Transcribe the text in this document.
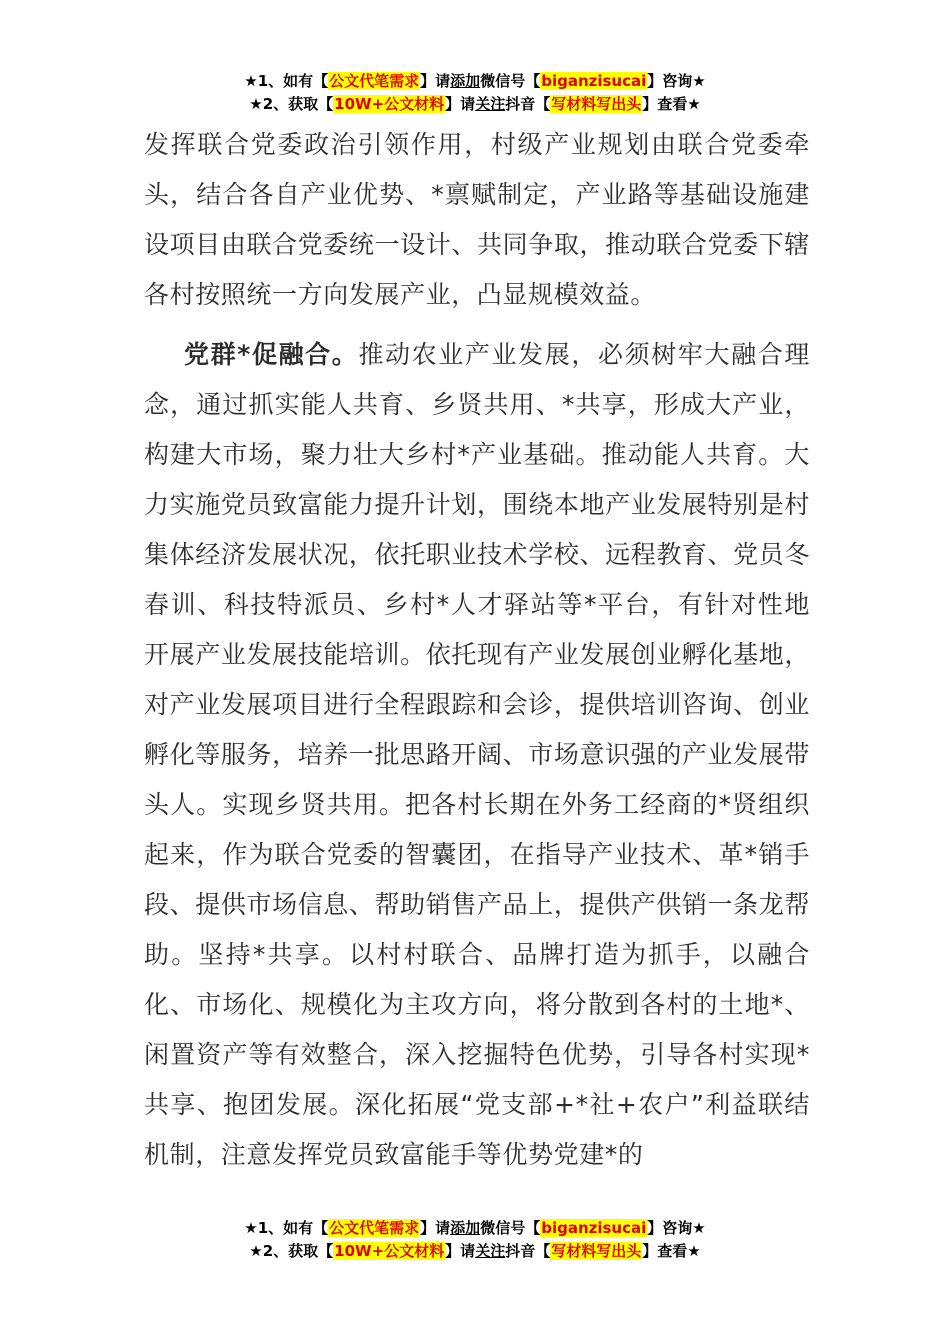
★1、如有【公文代笔需求】请添加微信号【biganzisucai】咨询★
★2、获取【10W+公文材料】请关注抖音【写材料写出头】查看★

发挥联合党委政治引领作用，村级产业规划由联合党委牵头，结合各自产业优势、*禀赋制定，产业路等基础设施建设项目由联合党委统一设计、共同争取，推动联合党委下辖各村按照统一方向发展产业，凸显规模效益。

党群*促融合。推动农业产业发展，必须树牢大融合理念，通过抓实能人共育、乡贤共用、*共享，形成大产业，构建大市场，聚力壮大乡村*产业基础。推动能人共育。大力实施党员致富能力提升计划，围绕本地产业发展特别是村集体经济发展状况，依托职业技术学校、远程教育、党员冬春训、科技特派员、乡村*人才驿站等*平台，有针对性地开展产业发展技能培训。依托现有产业发展创业孵化基地，对产业发展项目进行全程跟踪和会诊，提供培训咨询、创业孵化等服务，培养一批思路开阔、市场意识强的产业发展带头人。实现乡贤共用。把各村长期在外务工经商的*贤组织起来，作为联合党委的智囊团，在指导产业技术、革*销手段、提供市场信息、帮助销售产品上，提供产供销一条龙帮助。坚持*共享。以村村联合、品牌打造为抓手，以融合化、市场化、规模化为主攻方向，将分散到各村的土地*、闲置资产等有效整合，深入挖掘特色优势，引导各村实现*共享、抱团发展。深化拓展“党支部+*社+农户”利益联结机制，注意发挥党员致富能手等优势党建*的

★1、如有【公文代笔需求】请添加微信号【biganzisucai】咨询★
★2、获取【10W+公文材料】请关注抖音【写材料写出头】查看★
